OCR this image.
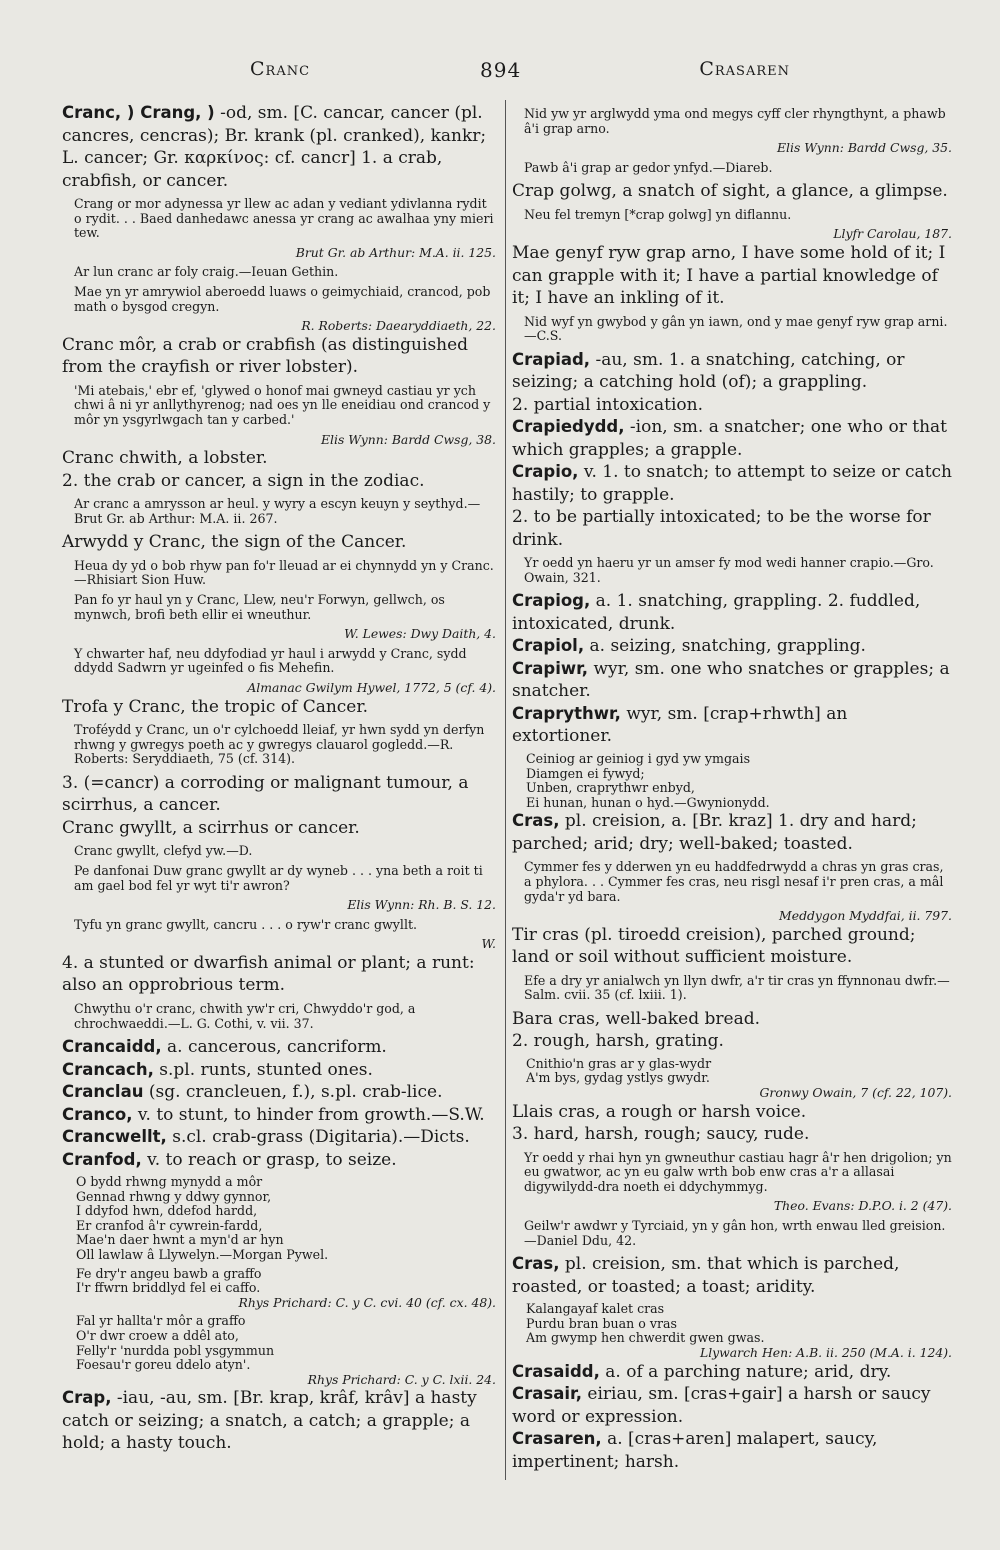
Cranc	894	Crasaren
Cranc, ) Crang, ) -od, sm. [C. cancar, cancer (pl. cancres, cencras); Br. krank (pl. cranked), kankr; L. cancer; Gr. καρκίνος: cf. cancr] 1. a crab, crabfish, or cancer.
Crang or mor adynessa yr llew ac adan y vediant ydivlanna rydit o rydit. . . Baed danhedawc anessa yr crang ac awalhaa yny mieri tew.
Brut Gr. ab Arthur: M.A. ii. 125.
Ar lun cranc ar foly craig.—Ieuan Gethin.
Mae yn yr amrywiol aberoedd luaws o geimychiaid, crancod, pob math o bysgod cregyn.
R. Roberts: Daearyddiaeth, 22.
Cranc môr, a crab or crabfish (as distinguished from the crayfish or river lobster).
'Mi atebais,' ebr ef, 'glywed o honof mai gwneyd castiau yr ych chwi â ni yr anllythyrenog; nad oes yn lle eneidiau ond crancod y môr yn ysgyrlwgach tan y carbed.'
Elis Wynn: Bardd Cwsg, 38.
Cranc chwith, a lobster.
2. the crab or cancer, a sign in the zodiac.
Ar cranc a amrysson ar heul. y wyry a escyn keuyn y seythyd.—Brut Gr. ab Arthur: M.A. ii. 267.
Arwydd y Cranc, the sign of the Cancer.
Heua dy yd o bob rhyw pan fo'r lleuad ar ei chynnydd yn y Cranc.—Rhisiart Sion Huw.
Pan fo yr haul yn y Cranc, Llew, neu'r Forwyn, gellwch, os mynwch, brofi beth ellir ei wneuthur.
W. Lewes: Dwy Daith, 4.
Y chwarter haf, neu ddyfodiad yr haul i arwydd y Cranc, sydd ddydd Sadwrn yr ugeinfed o fis Mehefin.
Almanac Gwilym Hywel, 1772, 5 (cf. 4).
Trofa y Cranc, the tropic of Cancer.
Troféydd y Cranc, un o'r cylchoedd lleiaf, yr hwn sydd yn derfyn rhwng y gwregys poeth ac y gwregys clauarol gogledd.—R. Roberts: Seryddiaeth, 75 (cf. 314).
3. (=cancr) a corroding or malignant tumour, a scirrhus, a cancer.
Cranc gwyllt, a scirrhus or cancer.
Cranc gwyllt, clefyd yw.—D.
Pe danfonai Duw granc gwyllt ar dy wyneb . . . yna beth a roit ti am gael bod fel yr wyt ti'r awron?
Elis Wynn: Rh. B. S. 12.
Tyfu yn granc gwyllt, cancru . . . o ryw'r cranc gwyllt.
W.
4. a stunted or dwarfish animal or plant; a runt: also an opprobrious term.
Chwythu o'r cranc, chwith yw'r cri, Chwyddo'r god, a chrochwaeddi.—L. G. Cothi, v. vii. 37.
Crancaidd, a. cancerous, cancriform.
Crancach, s.pl. runts, stunted ones.
Cranclau (sg. crancleuen, f.), s.pl. crab-lice.
Cranco, v. to stunt, to hinder from growth.—S.W.
Crancwellt, s.cl. crab-grass (Digitaria).—Dicts.
Cranfod, v. to reach or grasp, to seize.
O bydd rhwng mynydd a môr
Gennad rhwng y ddwy gynnor,
I ddyfod hwn, ddefod hardd,
Er cranfod â'r cywrein-fardd,
Mae'n daer hwnt a myn'd ar hyn
Oll lawlaw â Llywelyn.—Morgan Pywel.
Fe dry'r angeu bawb a graffo
I'r ffwrn briddlyd fel ei caffo.
Rhys Prichard: C. y C. cvi. 40 (cf. cx. 48).
Fal yr hallta'r môr a graffo
O'r dwr croew a ddêl ato,
Felly'r 'nurdda pobl ysgymmun
Foesau'r goreu ddelo atyn'.
Rhys Prichard: C. y C. lxii. 24.
Crap, -iau, -au, sm. [Br. krap, krâf, krâv] a hasty catch or seizing; a snatch, a catch; a grapple; a hold; a hasty touch.
Nid yw yr arglwydd yma ond megys cyff cler rhyngthynt, a phawb â'i grap arno.
Elis Wynn: Bardd Cwsg, 35.
Pawb â'i grap ar gedor ynfyd.—Diareb.
Crap golwg, a snatch of sight, a glance, a glimpse.
Neu fel tremyn [*crap golwg] yn diflannu.
Llyfr Carolau, 187.
Mae genyf ryw grap arno, I have some hold of it; I can grapple with it; I have a partial knowledge of it; I have an inkling of it.
Nid wyf yn gwybod y gân yn iawn, ond y mae genyf ryw grap arni.—C.S.
Crapiad, -au, sm. 1. a snatching, catching, or seizing; a catching hold (of); a grappling.
2. partial intoxication.
Crapiedydd, -ion, sm. a snatcher; one who or that which grapples; a grapple.
Crapio, v. 1. to snatch; to attempt to seize or catch hastily; to grapple.
2. to be partially intoxicated; to be the worse for drink.
Yr oedd yn haeru yr un amser fy mod wedi hanner crapio.—Gro. Owain, 321.
Crapiog, a. 1. snatching, grappling. 2. fuddled, intoxicated, drunk.
Crapiol, a. seizing, snatching, grappling.
Crapiwr, wyr, sm. one who snatches or grapples; a snatcher.
Craprythwr, wyr, sm. [crap+rhwth] an extortioner.
Ceiniog ar geiniog i gyd yw ymgais
Diamgen ei fywyd;
Unben, craprythwr enbyd,
Ei hunan, hunan o hyd.—Gwynionydd.
Cras, pl. creision, a. [Br. kraz] 1. dry and hard; parched; arid; dry; well-baked; toasted.
Cymmer fes y dderwen yn eu haddfedrwydd a chras yn gras cras, a phylora. . . Cymmer fes cras, neu risgl nesaf i'r pren cras, a mâl gyda'r yd bara.
Meddygon Myddfai, ii. 797.
Tir cras (pl. tiroedd creision), parched ground; land or soil without sufficient moisture.
Efe a dry yr anialwch yn llyn dwfr, a'r tir cras yn ffynnonau dwfr.—Salm. cvii. 35 (cf. lxiii. 1).
Bara cras, well-baked bread.
2. rough, harsh, grating.
Cnithio'n gras ar y glas-wydr
A'm bys, gydag ystlys gwydr.
Gronwy Owain, 7 (cf. 22, 107).
Llais cras, a rough or harsh voice.
3. hard, harsh, rough; saucy, rude.
Yr oedd y rhai hyn yn gwneuthur castiau hagr â'r hen drigolion; yn eu gwatwor, ac yn eu galw wrth bob enw cras a'r a allasai digywilydd-dra noeth ei ddychymmyg.
Theo. Evans: D.P.O. i. 2 (47).
Geilw'r awdwr y Tyrciaid, yn y gân hon, wrth enwau lled greision.—Daniel Ddu, 42.
Cras, pl. creision, sm. that which is parched, roasted, or toasted; a toast; aridity.
Kalangayaf kalet cras
Purdu bran buan o vras
Am gwymp hen chwerdit gwen gwas.
Llywarch Hen: A.B. ii. 250 (M.A. i. 124).
Crasaidd, a. of a parching nature; arid, dry.
Crasair, eiriau, sm. [cras+gair] a harsh or saucy word or expression.
Crasaren, a. [cras+aren] malapert, saucy, impertinent; harsh.
